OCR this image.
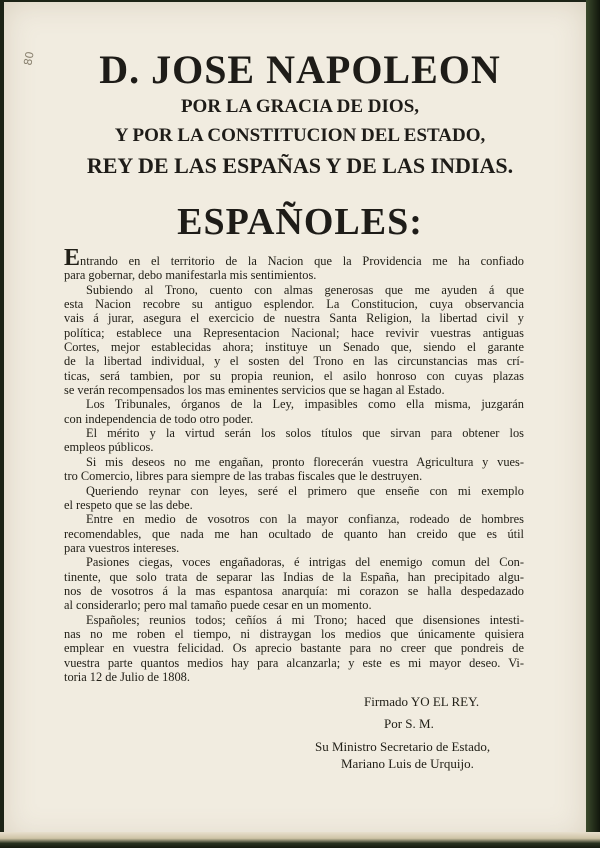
80	D. JOSE NAPOLEON
POR LA GRACIA DE DIOS,
Y POR LA CONSTITUCION DEL ESTADO,
REY DE LAS ESPAÑAS Y DE LAS INDIAS.
ESPAÑOLES:

Entrando en el territorio de la Nacion que la Providencia me ha confiado
para gobernar, debo manifestarla mis sentimientos.

Subiendo al Trono, cuento con almas generosas que me ayuden á que
esta Nacion recobre su antiguo esplendor. La Constitucion, cuya observancia
vais á jurar, asegura el exercicio de nuestra Santa Religion, la libertad civil y
política; establece una Representacion Nacional; hace revivir vuestras antiguas
Cortes, mejor establecidas ahora; instituye un Senado que, siendo el garante
de la libertad individual, y el sosten del Trono en las circunstancias mas crí-
ticas, será tambien, por su propia reunion, el asilo honroso con cuyas plazas
se verán recompensados los mas eminentes servicios que se hagan al Estado.

Los Tribunales, órganos de la Ley, impasibles como ella misma, juzgarán
con independencia de todo otro poder.

El mérito y la virtud serán los solos títulos que sirvan para obtener los
empleos públicos.

Si mis deseos no me engañan, pronto florecerán vuestra Agricultura y vues-
tro Comercio, libres para siempre de las trabas fiscales que le destruyen.

Queriendo reynar con leyes, seré el primero que enseñe con mi exemplo
el respeto que se las debe.

Entre en medio de vosotros con la mayor confianza, rodeado de hombres
recomendables, que nada me han ocultado de quanto han creido que es útil
para vuestros intereses.

Pasiones ciegas, voces engañadoras, é intrigas del enemigo comun del Con-
tinente, que solo trata de separar las Indias de la España, han precipitado algu-
nos de vosotros á la mas espantosa anarquía: mi corazon se halla despedazado
al considerarlo; pero mal tamaño puede cesar en un momento.

Españoles; reunios todos; ceñíos á mi Trono; haced que disensiones intesti-
nas no me roben el tiempo, ni distraygan los medios que únicamente quisiera
emplear en vuestra felicidad. Os aprecio bastante para no creer que pondreis de
vuestra parte quantos medios hay para alcanzarla; y este es mi mayor deseo. Vi-
toria 12 de Julio de 1808.

Firmado YO EL REY.
Por S. M.
Su Ministro Secretario de Estado,
Mariano Luis de Urquijo.
